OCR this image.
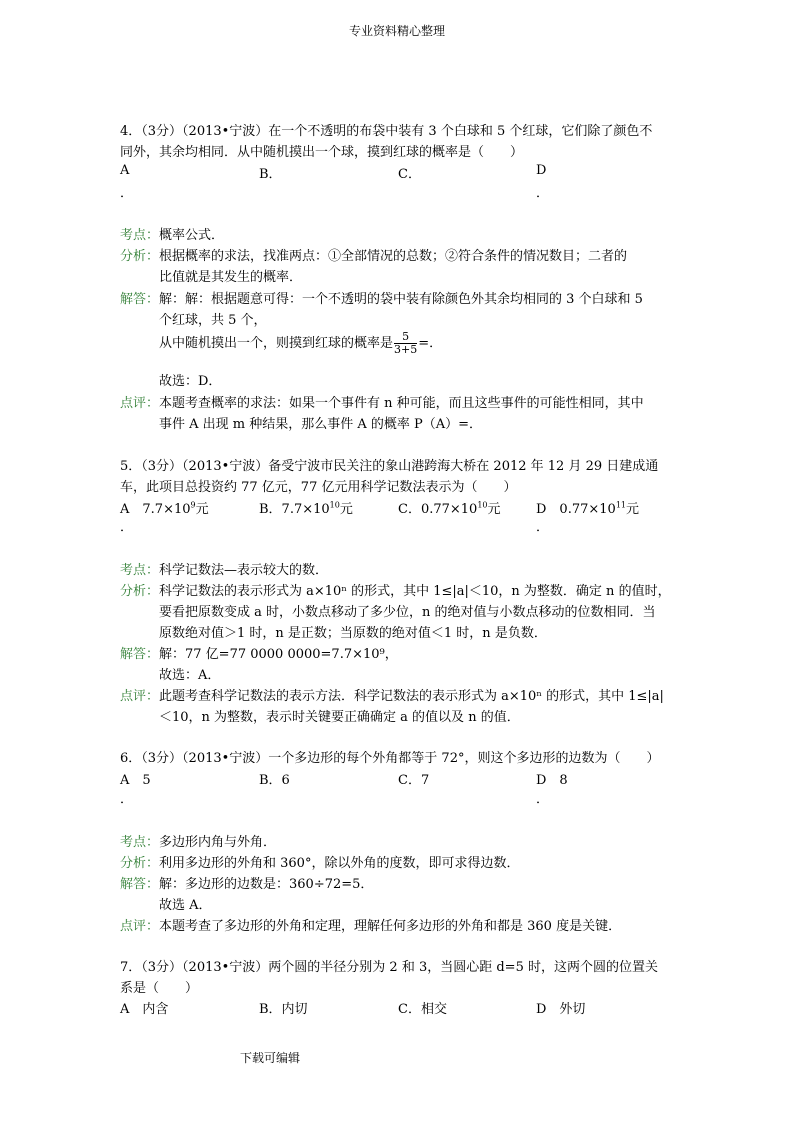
专业资料精心整理
4．（3分）（2013•宁波）在一个不透明的布袋中装有 3 个白球和 5 个红球，它们除了颜色不
同外，其余均相同．从中随机摸出一个球，摸到红球的概率是（　　）
A	B．	C．	D
．	．
考点： 概率公式．
分析： 根据概率的求法，找准两点：①全部情况的总数；②符合条件的情况数目；二者的
比值就是其发生的概率．
解答： 解：解：根据题意可得：一个不透明的袋中装有除颜色外其余均相同的 3 个白球和 5
个红球，共 5 个，
从中随机摸出一个，则摸到红球的概率是 $\frac{5}{3+5}$ =．
故选：D．
点评： 本题考查概率的求法：如果一个事件有 n 种可能，而且这些事件的可能性相同，其中
事件 A 出现 m 种结果，那么事件 A 的概率 P（A）=．
5．（3分）（2013•宁波）备受宁波市民关注的象山港跨海大桥在 2012 年 12 月 29 日建成通
车，此项目总投资约 77 亿元，77 亿元用科学记数法表示为（　　）
A　$7.7\times 10^9$元	B．$7.7\times 10^{10}$元	C．$0.77\times 10^{10}$元	D　$0.77\times 10^{11}$元
．	．
考点： 科学记数法—表示较大的数．
分析： 科学记数法的表示形式为 a×10ⁿ 的形式，其中 1≤|a|＜10，n 为整数．确定 n 的值时，
要看把原数变成 a 时，小数点移动了多少位，n 的绝对值与小数点移动的位数相同．当
原数绝对值＞1 时，n 是正数；当原数的绝对值＜1 时，n 是负数．
解答： 解：77 亿=77 0000 0000=7.7×10⁹，
故选：A．
点评： 此题考查科学记数法的表示方法．科学记数法的表示形式为 a×10ⁿ 的形式，其中 1≤|a|
＜10，n 为整数，表示时关键要正确确定 a 的值以及 n 的值．
6．（3分）（2013•宁波）一个多边形的每个外角都等于 72°，则这个多边形的边数为（　　）
A　5	B．6	C．7	D　8
．	．
考点： 多边形内角与外角．
分析： 利用多边形的外角和 360°，除以外角的度数，即可求得边数．
解答： 解：多边形的边数是：360÷72=5．
故选 A．
点评： 本题考查了多边形的外角和定理，理解任何多边形的外角和都是 360 度是关键．
7．（3分）（2013•宁波）两个圆的半径分别为 2 和 3，当圆心距 d=5 时，这两个圆的位置关
系是（　　）
A　内含	B．内切	C．相交	D　外切
下载可编辑
